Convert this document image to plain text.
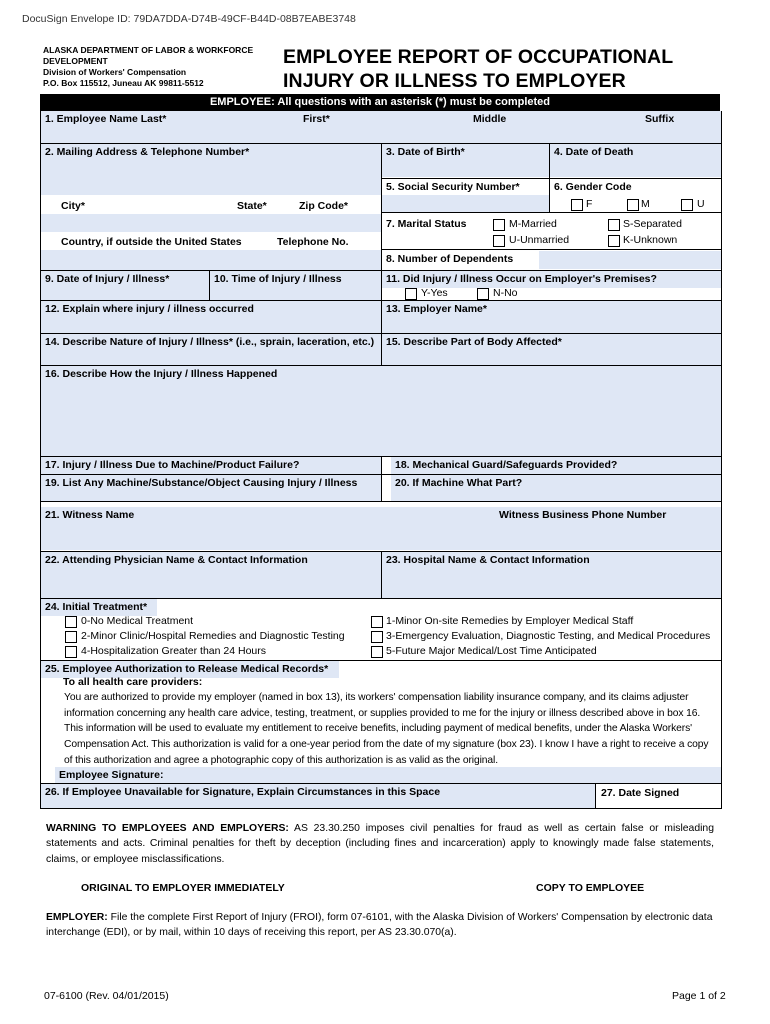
DocuSign Envelope ID: 79DA7DDA-D74B-49CF-B44D-08B7EABE3748
ALASKA DEPARTMENT OF LABOR & WORKFORCE
DEVELOPMENT
Division of Workers' Compensation
P.O. Box 115512, Juneau AK 99811-5512
EMPLOYEE REPORT OF OCCUPATIONAL
INJURY OR ILLNESS TO EMPLOYER
EMPLOYEE: All questions with an asterisk (*) must be completed
1. Employee Name Last*	First*	Middle	Suffix
2. Mailing Address & Telephone Number*	3. Date of Birth*	4. Date of Death
5. Social Security Number*	6. Gender Code
F	M	U
City*	State*	Zip Code*
7. Marital Status	M-Married	S-Separated
U-Unmarried	K-Unknown
Country, if outside the United States	Telephone No.
8. Number of Dependents
9. Date of Injury / Illness*	10. Time of Injury / Illness	11. Did Injury / Illness Occur on Employer's Premises?
Y-Yes	N-No
12. Explain where injury / illness occurred	13. Employer Name*
14. Describe Nature of Injury / Illness* (i.e., sprain, laceration, etc.)	15. Describe Part of Body Affected*
16. Describe How the Injury / Illness Happened
17. Injury / Illness Due to Machine/Product Failure?	18. Mechanical Guard/Safeguards Provided?
19. List Any Machine/Substance/Object Causing Injury / Illness	20. If Machine What Part?
21. Witness Name	Witness Business Phone Number
22. Attending Physician Name & Contact Information	23. Hospital Name & Contact Information
24. Initial Treatment*
0-No Medical Treatment	1-Minor On-site Remedies by Employer Medical Staff
2-Minor Clinic/Hospital Remedies and Diagnostic Testing	3-Emergency Evaluation, Diagnostic Testing, and Medical Procedures
4-Hospitalization Greater than 24 Hours	5-Future Major Medical/Lost Time Anticipated
25. Employee Authorization to Release Medical Records*
To all health care providers:
Employee Signature:
26. If Employee Unavailable for Signature, Explain Circumstances in this Space	27. Date Signed
You are authorized to provide my employer (named in box 13), its workers' compensation liability insurance company, and its claims adjuster information concerning any health care advice, testing, treatment, or supplies provided to me for the injury or illness described above in box 16. This information will be used to evaluate my entitlement to receive benefits, including payment of medical benefits, under the Alaska Workers' Compensation Act. This authorization is valid for a one-year period from the date of my signature (box 23). I know I have a right to receive a copy of this authorization and agree a photographic copy of this authorization is as valid as the original.
WARNING TO EMPLOYEES AND EMPLOYERS: AS 23.30.250 imposes civil penalties for fraud as well as certain false or misleading statements and acts. Criminal penalties for theft by deception (including fines and incarceration) apply to knowingly made false statements, claims, or employee misclassifications.
ORIGINAL TO EMPLOYER IMMEDIATELY	COPY TO EMPLOYEE
EMPLOYER: File the complete First Report of Injury (FROI), form 07-6101, with the Alaska Division of Workers' Compensation by electronic data interchange (EDI), or by mail, within 10 days of receiving this report, per AS 23.30.070(a).
07-6100 (Rev. 04/01/2015)	Page 1 of 2
